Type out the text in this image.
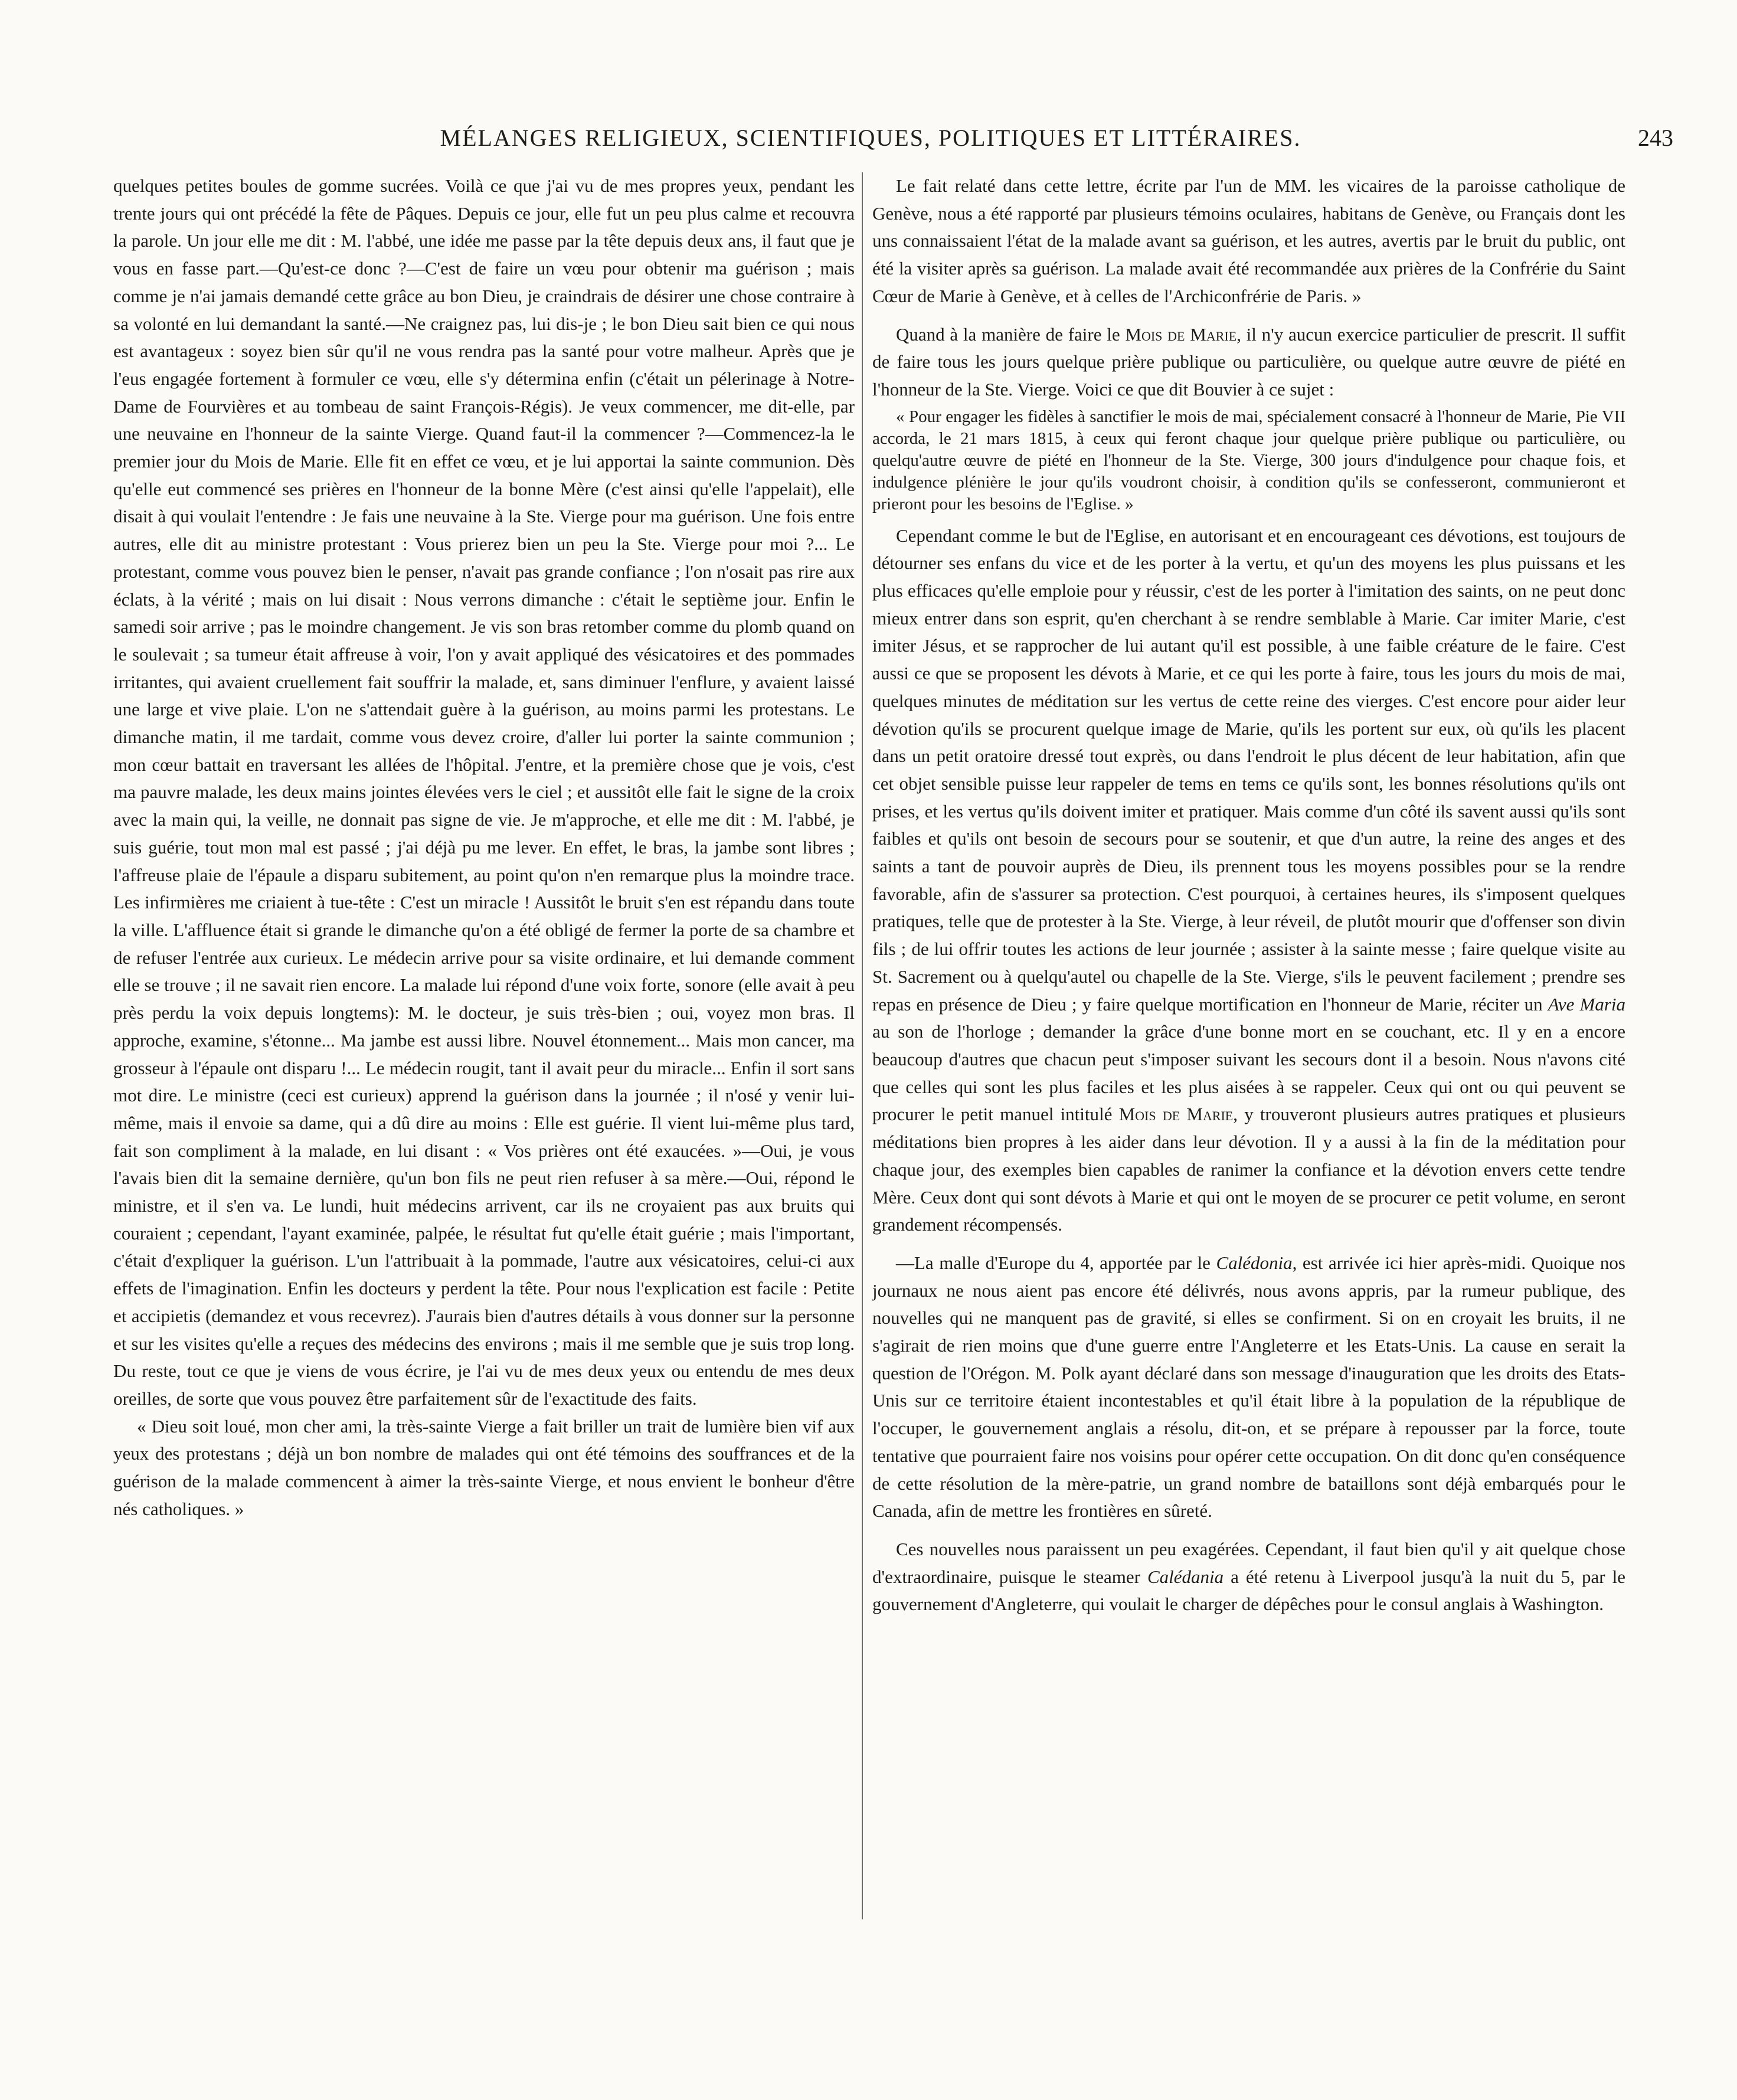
MÉLANGES RELIGIEUX, SCIENTIFIQUES, POLITIQUES ET LITTÉRAIRES.	243

quelques petites boules de gomme sucrées. Voilà ce que j'ai vu de mes propres yeux, pendant les trente jours qui ont précédé la fête de Pâques. Depuis ce jour, elle fut un peu plus calme et recouvra la parole. Un jour elle me dit : M. l'abbé, une idée me passe par la tête depuis deux ans, il faut que je vous en fasse part.—Qu'est-ce donc ?—C'est de faire un vœu pour obtenir ma guérison ; mais comme je n'ai jamais demandé cette grâce au bon Dieu, je craindrais de désirer une chose contraire à sa volonté en lui demandant la santé.—Ne craignez pas, lui dis-je ; le bon Dieu sait bien ce qui nous est avantageux : soyez bien sûr qu'il ne vous rendra pas la santé pour votre malheur. Après que je l'eus engagée fortement à formuler ce vœu, elle s'y détermina enfin (c'était un pélerinage à Notre-Dame de Fourvières et au tombeau de saint François-Régis). Je veux commencer, me dit-elle, par une neuvaine en l'honneur de la sainte Vierge. Quand faut-il la commencer ?—Commencez-la le premier jour du Mois de Marie. Elle fit en effet ce vœu, et je lui apportai la sainte communion. Dès qu'elle eut commencé ses prières en l'honneur de la bonne Mère (c'est ainsi qu'elle l'appelait), elle disait à qui voulait l'entendre : Je fais une neuvaine à la Ste. Vierge pour ma guérison. Une fois entre autres, elle dit au ministre protestant : Vous prierez bien un peu la Ste. Vierge pour moi ?... Le protestant, comme vous pouvez bien le penser, n'avait pas grande confiance ; l'on n'osait pas rire aux éclats, à la vérité ; mais on lui disait : Nous verrons dimanche : c'était le septième jour. Enfin le samedi soir arrive ; pas le moindre changement. Je vis son bras retomber comme du plomb quand on le soulevait ; sa tumeur était affreuse à voir, l'on y avait appliqué des vésicatoires et des pommades irritantes, qui avaient cruellement fait souffrir la malade, et, sans diminuer l'enflure, y avaient laissé une large et vive plaie. L'on ne s'attendait guère à la guérison, au moins parmi les protestans. Le dimanche matin, il me tardait, comme vous devez croire, d'aller lui porter la sainte communion ; mon cœur battait en traversant les allées de l'hôpital. J'entre, et la première chose que je vois, c'est ma pauvre malade, les deux mains jointes élevées vers le ciel ; et aussitôt elle fait le signe de la croix avec la main qui, la veille, ne donnait pas signe de vie. Je m'approche, et elle me dit : M. l'abbé, je suis guérie, tout mon mal est passé ; j'ai déjà pu me lever. En effet, le bras, la jambe sont libres ; l'affreuse plaie de l'épaule a disparu subitement, au point qu'on n'en remarque plus la moindre trace. Les infirmières me criaient à tue-tête : C'est un miracle ! Aussitôt le bruit s'en est répandu dans toute la ville. L'affluence était si grande le dimanche qu'on a été obligé de fermer la porte de sa chambre et de refuser l'entrée aux curieux. Le médecin arrive pour sa visite ordinaire, et lui demande comment elle se trouve ; il ne savait rien encore. La malade lui répond d'une voix forte, sonore (elle avait à peu près perdu la voix depuis longtems): M. le docteur, je suis très-bien ; oui, voyez mon bras. Il approche, examine, s'étonne... Ma jambe est aussi libre. Nouvel étonnement... Mais mon cancer, ma grosseur à l'épaule ont disparu !... Le médecin rougit, tant il avait peur du miracle... Enfin il sort sans mot dire. Le ministre (ceci est curieux) apprend la guérison dans la journée ; il n'osé y venir lui-même, mais il envoie sa dame, qui a dû dire au moins : Elle est guérie. Il vient lui-même plus tard, fait son compliment à la malade, en lui disant : « Vos prières ont été exaucées. »—Oui, je vous l'avais bien dit la semaine dernière, qu'un bon fils ne peut rien refuser à sa mère.—Oui, répond le ministre, et il s'en va. Le lundi, huit médecins arrivent, car ils ne croyaient pas aux bruits qui couraient ; cependant, l'ayant examinée, palpée, le résultat fut qu'elle était guérie ; mais l'important, c'était d'expliquer la guérison. L'un l'attribuait à la pommade, l'autre aux vésicatoires, celui-ci aux effets de l'imagination. Enfin les docteurs y perdent la tête. Pour nous l'explication est facile : Petite et accipietis (demandez et vous recevrez). J'aurais bien d'autres détails à vous donner sur la personne et sur les visites qu'elle a reçues des médecins des environs ; mais il me semble que je suis trop long. Du reste, tout ce que je viens de vous écrire, je l'ai vu de mes deux yeux ou entendu de mes deux oreilles, de sorte que vous pouvez être parfaitement sûr de l'exactitude des faits.

« Dieu soit loué, mon cher ami, la très-sainte Vierge a fait briller un trait de lumière bien vif aux yeux des protestans ; déjà un bon nombre de malades qui ont été témoins des souffrances et de la guérison de la malade commencent à aimer la très-sainte Vierge, et nous envient le bonheur d'être nés catholiques. »

Le fait relaté dans cette lettre, écrite par l'un de MM. les vicaires de la paroisse catholique de Genève, nous a été rapporté par plusieurs témoins oculaires, habitans de Genève, ou Français dont les uns connaissaient l'état de la malade avant sa guérison, et les autres, avertis par le bruit du public, ont été la visiter après sa guérison. La malade avait été recommandée aux prières de la Confrérie du Saint Cœur de Marie à Genève, et à celles de l'Archiconfrérie de Paris. »

Quand à la manière de faire le Mois de Marie, il n'y aucun exercice particulier de prescrit. Il suffit de faire tous les jours quelque prière publique ou particulière, ou quelque autre œuvre de piété en l'honneur de la Ste. Vierge. Voici ce que dit Bouvier à ce sujet :

« Pour engager les fidèles à sanctifier le mois de mai, spécialement consacré à l'honneur de Marie, Pie VII accorda, le 21 mars 1815, à ceux qui feront chaque jour quelque prière publique ou particulière, ou quelqu'autre œuvre de piété en l'honneur de la Ste. Vierge, 300 jours d'indulgence pour chaque fois, et indulgence plénière le jour qu'ils voudront choisir, à condition qu'ils se confesseront, communieront et prieront pour les besoins de l'Eglise. »

Cependant comme le but de l'Eglise, en autorisant et en encourageant ces dévotions, est toujours de détourner ses enfans du vice et de les porter à la vertu, et qu'un des moyens les plus puissans et les plus efficaces qu'elle emploie pour y réussir, c'est de les porter à l'imitation des saints, on ne peut donc mieux entrer dans son esprit, qu'en cherchant à se rendre semblable à Marie. Car imiter Marie, c'est imiter Jésus, et se rapprocher de lui autant qu'il est possible, à une faible créature de le faire. C'est aussi ce que se proposent les dévots à Marie, et ce qui les porte à faire, tous les jours du mois de mai, quelques minutes de méditation sur les vertus de cette reine des vierges. C'est encore pour aider leur dévotion qu'ils se procurent quelque image de Marie, qu'ils les portent sur eux, où qu'ils les placent dans un petit oratoire dressé tout exprès, ou dans l'endroit le plus décent de leur habitation, afin que cet objet sensible puisse leur rappeler de tems en tems ce qu'ils sont, les bonnes résolutions qu'ils ont prises, et les vertus qu'ils doivent imiter et pratiquer. Mais comme d'un côté ils savent aussi qu'ils sont faibles et qu'ils ont besoin de secours pour se soutenir, et que d'un autre, la reine des anges et des saints a tant de pouvoir auprès de Dieu, ils prennent tous les moyens possibles pour se la rendre favorable, afin de s'assurer sa protection. C'est pourquoi, à certaines heures, ils s'imposent quelques pratiques, telle que de protester à la Ste. Vierge, à leur réveil, de plutôt mourir que d'offenser son divin fils ; de lui offrir toutes les actions de leur journée ; assister à la sainte messe ; faire quelque visite au St. Sacrement ou à quelqu'autel ou chapelle de la Ste. Vierge, s'ils le peuvent facilement ; prendre ses repas en présence de Dieu ; y faire quelque mortification en l'honneur de Marie, réciter un Ave Maria au son de l'horloge ; demander la grâce d'une bonne mort en se couchant, etc. Il y en a encore beaucoup d'autres que chacun peut s'imposer suivant les secours dont il a besoin. Nous n'avons cité que celles qui sont les plus faciles et les plus aisées à se rappeler. Ceux qui ont ou qui peuvent se procurer le petit manuel intitulé Mois de Marie, y trouveront plusieurs autres pratiques et plusieurs méditations bien propres à les aider dans leur dévotion. Il y a aussi à la fin de la méditation pour chaque jour, des exemples bien capables de ranimer la confiance et la dévotion envers cette tendre Mère. Ceux dont qui sont dévots à Marie et qui ont le moyen de se procurer ce petit volume, en seront grandement récompensés.

—La malle d'Europe du 4, apportée par le Calédonia, est arrivée ici hier après-midi. Quoique nos journaux ne nous aient pas encore été délivrés, nous avons appris, par la rumeur publique, des nouvelles qui ne manquent pas de gravité, si elles se confirment. Si on en croyait les bruits, il ne s'agirait de rien moins que d'une guerre entre l'Angleterre et les Etats-Unis. La cause en serait la question de l'Orégon. M. Polk ayant déclaré dans son message d'inauguration que les droits des Etats-Unis sur ce territoire étaient incontestables et qu'il était libre à la population de la république de l'occuper, le gouvernement anglais a résolu, dit-on, et se prépare à repousser par la force, toute tentative que pourraient faire nos voisins pour opérer cette occupation. On dit donc qu'en conséquence de cette résolution de la mère-patrie, un grand nombre de bataillons sont déjà embarqués pour le Canada, afin de mettre les frontières en sûreté.

Ces nouvelles nous paraissent un peu exagérées. Cependant, il faut bien qu'il y ait quelque chose d'extraordinaire, puisque le steamer Calédania a été retenu à Liverpool jusqu'à la nuit du 5, par le gouvernement d'Angleterre, qui voulait le charger de dépêches pour le consul anglais à Washington.
